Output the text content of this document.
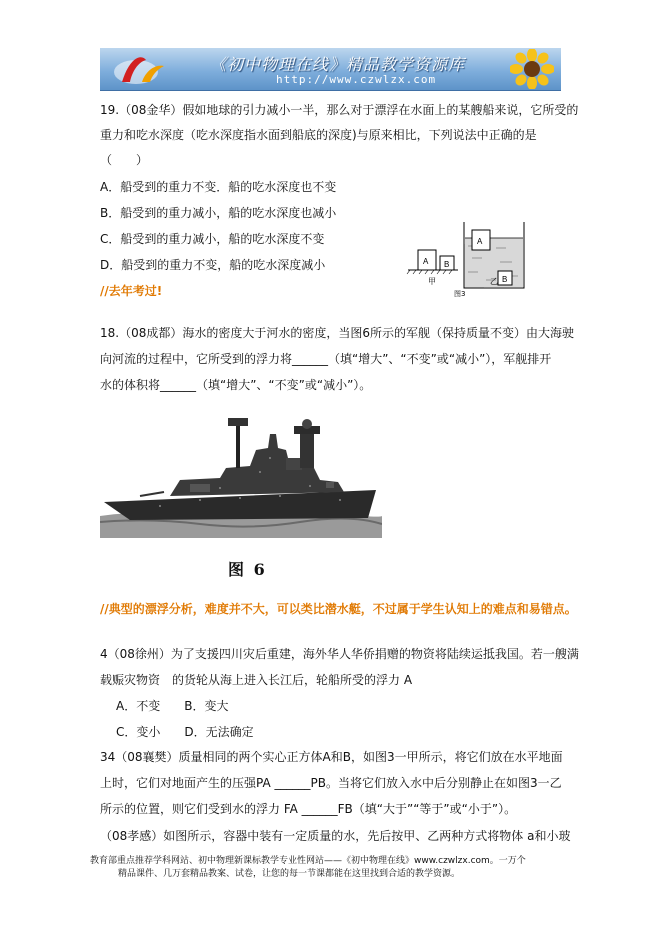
《初中物理在线》精品教学资源库
http://www.czwlzx.com
19.（08金华）假如地球的引力减小一半，那么对于漂浮在水面上的某艘船来说，它所受的
重力和吃水深度（吃水深度指水面到船底的深度)与原来相比，下列说法中正确的是
（　　）
A．船受到的重力不变．船的吃水深度也不变
B．船受到的重力减小，船的吃水深度也减小
C．船受到的重力减小，船的吃水深度不变
D．船受到的重力不变，船的吃水深度减小
//去年考过!
A B
A
B
甲	乙
图3
18.（08成都）海水的密度大于河水的密度，当图6所示的军舰（保持质量不变）由大海驶
向河流的过程中，它所受到的浮力将______（填“增大”、“不变”或“减小”），军舰排开
水的体积将______（填“增大”、“不变”或“减小”）。
图 6
//典型的漂浮分析，难度并不大，可以类比潜水艇，不过属于学生认知上的难点和易错点。
4（08徐州）为了支援四川灾后重建，海外华人华侨捐赠的物资将陆续运抵我国。若一艘满
载赈灾物资　的货轮从海上进入长江后，轮船所受的浮力 A
A．不变　　B．变大
C．变小　　D．无法确定
34（08襄樊）质量相同的两个实心正方体A和B，如图3一甲所示，将它们放在水平地面
上时，它们对地面产生的压强PA ______PB。当将它们放入水中后分别静止在如图3一乙
所示的位置，则它们受到水的浮力 FA ______FB（填“大于”“等于”或“小于”）。
（08孝感）如图所示，容器中装有一定质量的水，先后按甲、乙两种方式将物体 a和小玻
教育部重点推荐学科网站、初中物理新课标教学专业性网站——《初中物理在线》www.czwlzx.com。一万个
精品课件、几万套精品教案、试卷，让您的每一节课都能在这里找到合适的教学资源。
